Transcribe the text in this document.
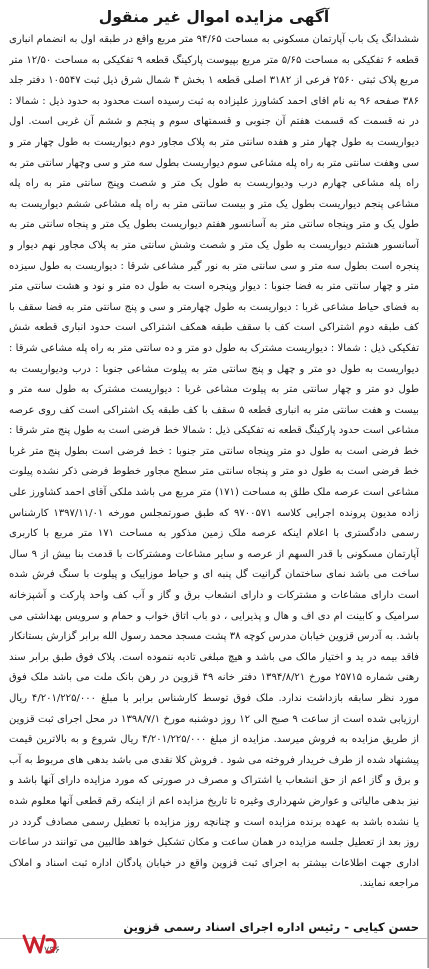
آگهی مزایده اموال غیر منقول

ششدانگ یک باب آپارتمان مسکونی به مساحت ۹۴/۶۵ متر مربع واقع در طبقه اول به انضمام انباری قطعه ۶ تفکیکی به مساحت ۵/۶۵ متر مربع بپیوست پارکینگ قطعه ۹ تفکیکی به مساحت ۱۲/۵۰ متر مربع پلاک ثبتی ۲۵۶۰ فرعی از ۳۱۸۲ اصلی قطعه ۱ بخش ۴ شمال شرق ذیل ثبت ۱۰۵۵۴۷ دفتر جلد ۳۸۶ صفحه ۹۶ به نام اقای احمد کشاورز علیزاده به ثبت رسیده است محدود به حدود ذیل : شمالا : در نه قسمت که قسمت هفتم آن جنوبی و قسمتهای سوم و پنجم و ششم آن غربی است. اول دیواریست به طول چهار متر و هفده سانتی متر به پلاک مجاور دوم دیواریست به طول چهار متر و سی وهفت سانتی متر به راه پله مشاعی سوم دیواریست بطول سه متر و سی وچهار سانتی متر به راه پله مشاعی چهارم درب ودیواریست به طول یک متر و شصت وپنج سانتی متر به راه پله مشاعی پنجم دیواریست بطول یک متر و بیست سانتی متر به راه پله مشاعی ششم دیواریست به طول یک و متر وپنجاه سانتی متر به آسانسور هفتم دیواریست بطول یک متر و پنجاه سانتی متر به آسانسور هشتم دیواریست به طول یک متر و شصت وشش سانتی متر به پلاک مجاور نهم دیوار و پنجره است بطول سه متر و سی سانتی متر به نور گیر مشاعی شرقا : دیواریست به طول سیزده متر و چهار سانتی متر به فضا جنوبا : دیوار وپنجره است به طول ده متر و نود و هشت سانتی متر به فضای حیاط مشاعی غربا : دیواریست به طول چهارمتر و سی و پنج سانتی متر به فضا سقف با کف طبقه دوم اشتراکی است کف با سقف طبقه همکف اشتراکی است حدود انباری قطعه شش تفکیکی ذیل : شمالا : دیواریست مشترک به طول دو متر و ده سانتی متر به راه پله مشاعی شرقا : دیواریست به طول دو متر و چهل و پنج سانتی متر به پیلوت مشاعی جنوبا : درب ودیواریست به طول دو متر و چهار سانتی متر به پیلوت مشاعی غربا : دیواریست مشترک به طول سه متر و بیست و هفت سانتی متر به انباری قطعه ۵ سقف با کف طبقه یک اشتراکی است کف روی عرصه مشاعی است حدود پارکینگ قطعه نه تفکیکی ذیل : شمالا خط فرضی است به طول پنج متر شرقا : خط فرضی است به طول دو متر وپنجاه سانتی متر جنوبا : خط فرضی است بطول پنج متر غربا خط فرضی است به طول دو متر و پنجاه سانتی متر سطح مجاور خطوط فرضی ذکر نشده پیلوت مشاعی است عرصه ملک طلق به مساحت (۱۷۱) متر مربع می باشد ملکی آقای احمد کشاورز علی زاده مدیون پرونده اجرایی کلاسه ۹۷۰۰۵۷۱ که طبق صورتمجلس مورخه ۱۳۹۷/۱۱/۰۱ کارشناس رسمی دادگستری با اعلام اینکه عرصه ملک زمین مذکور به مساحت ۱۷۱ متر مربع با کاربری آپارتمان مسکونی با قدر السهم از عرصه و سایر مشاعات ومشترکات با قدمت بنا بیش از ۹ سال ساخت می باشد نمای ساختمان گرانیت گل پنبه ای و حیاط موزاییک و پیلوت با سنگ فرش شده است دارای مشاعات و مشترکات و دارای انشعاب برق و گاز و آب کف واحد پارکت و آشپزخانه سرامیک و کابینت ام دی اف و هال و پذیرایی ، دو باب اتاق خواب و حمام و سرویس بهداشتی می باشد. به آدرس قزوین خیابان مدرس کوچه ۳۸ پشت مسجد محمد رسول الله برابر گزارش بستانکار فاقد بیمه در ید و اختیار مالک می باشد و هیچ مبلغی تادیه ننموده است. پلاک فوق طبق برابر سند رهنی شماره ۲۵۷۱۵ مورخ ۱۳۹۴/۸/۲۱ دفتر خانه ۴۹ قزوین در رهن بانک ملت می باشد ملک فوق مورد نظر سابقه بازداشت ندارد. ملک فوق توسط کارشناس برابر با مبلغ ۴/۲۰۱/۲۲۵/۰۰۰ ریال ارزیابی شده است از ساعت ۹ صبح الی ۱۲ روز دوشنبه مورخ ۱۳۹۸/۷/۱ در محل اجرای ثبت قزوین از طریق مزایده به فروش میرسد. مزایده از مبلغ ۴/۲۰۱/۲۲۵/۰۰۰ ریال شروع و به بالاترین قیمت پیشنهاد شده از طرف خریدار فروخته می شود . فروش کلا نقدی می باشد بدهی های مربوط به آب و برق و گاز اعم از حق انشعاب یا اشتراک و مصرف در صورتی که مورد مزایده دارای آنها باشد و نیز بدهی مالیاتی و عوارض شهرداری وغیره تا تاریخ مزایده اعم از اینکه رقم قطعی آنها معلوم شده یا نشده باشد به عهده برنده مزایده است و چنانچه روز مزایده با تعطیل رسمی مصادف گردد در روز بعد از تعطیل جلسه مزایده در همان ساعت و مکان تشکیل خواهد طالبین می توانند در ساعات اداری جهت اطلاعات بیشتر به اجرای ثبت قزوین واقع در خیابان پادگان اداره ثبت اسناد و املاک مراجعه نمایند.

حسن کیایی - رئیس اداره اجرای اسناد رسمی قزوین
۷۹۶
